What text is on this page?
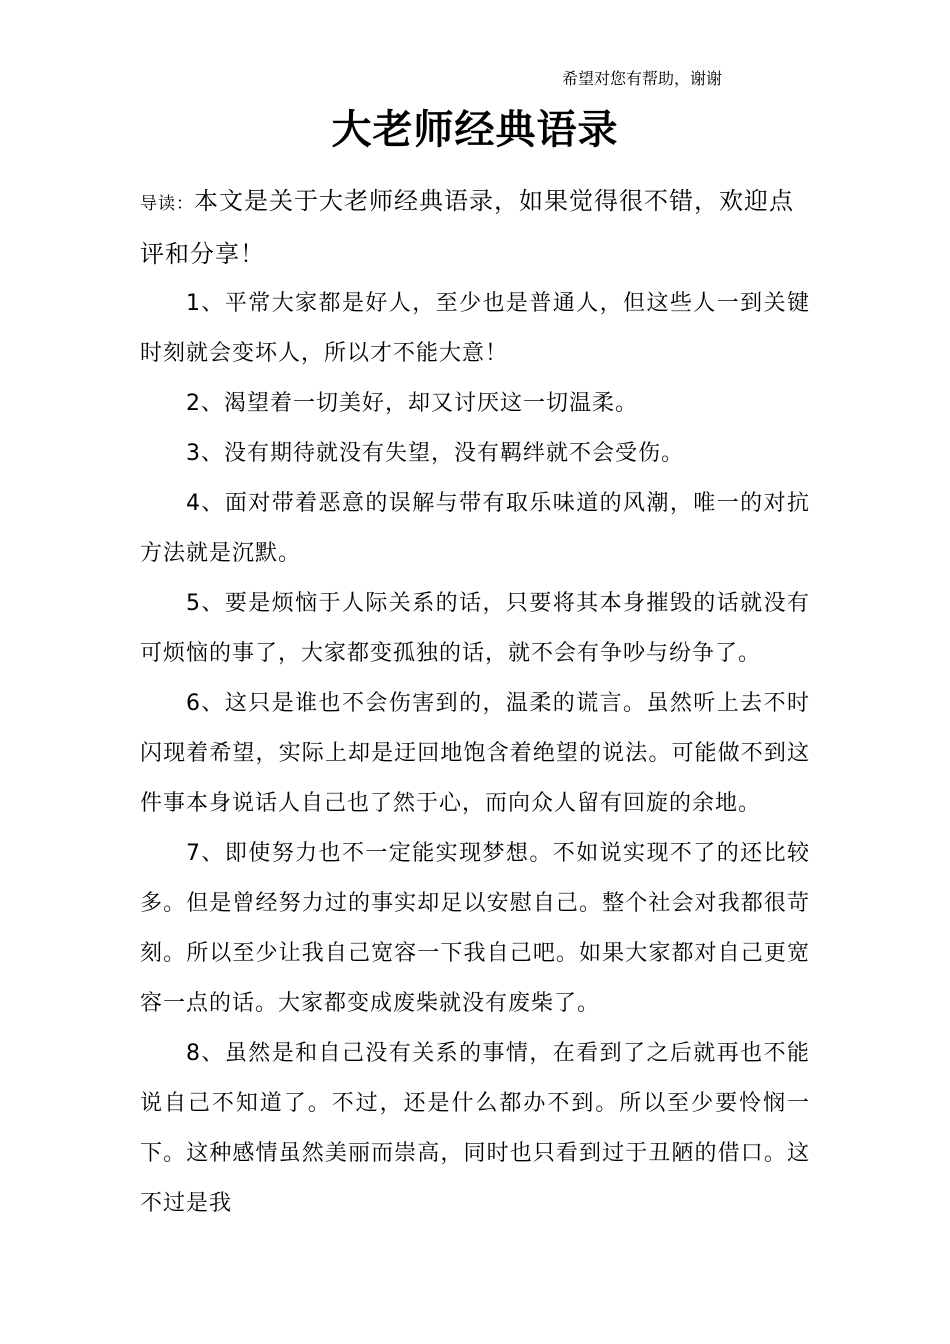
希望对您有帮助，谢谢
大老师经典语录

导读：本文是关于大老师经典语录，如果觉得很不错，欢迎点评和分享！

1、平常大家都是好人，至少也是普通人，但这些人一到关键时刻就会变坏人，所以才不能大意！

2、渴望着一切美好，却又讨厌这一切温柔。

3、没有期待就没有失望，没有羁绊就不会受伤。

4、面对带着恶意的误解与带有取乐味道的风潮，唯一的对抗方法就是沉默。

5、要是烦恼于人际关系的话，只要将其本身摧毁的话就没有可烦恼的事了，大家都变孤独的话，就不会有争吵与纷争了。

6、这只是谁也不会伤害到的，温柔的谎言。虽然听上去不时闪现着希望，实际上却是迂回地饱含着绝望的说法。可能做不到这件事本身说话人自己也了然于心，而向众人留有回旋的余地。

7、即使努力也不一定能实现梦想。不如说实现不了的还比较多。但是曾经努力过的事实却足以安慰自己。整个社会对我都很苛刻。所以至少让我自己宽容一下我自己吧。如果大家都对自己更宽容一点的话。大家都变成废柴就没有废柴了。

8、虽然是和自己没有关系的事情，在看到了之后就再也不能说自己不知道了。不过，还是什么都办不到。所以至少要怜悯一下。这种感情虽然美丽而崇高，同时也只看到过于丑陋的借口。这不过是我
